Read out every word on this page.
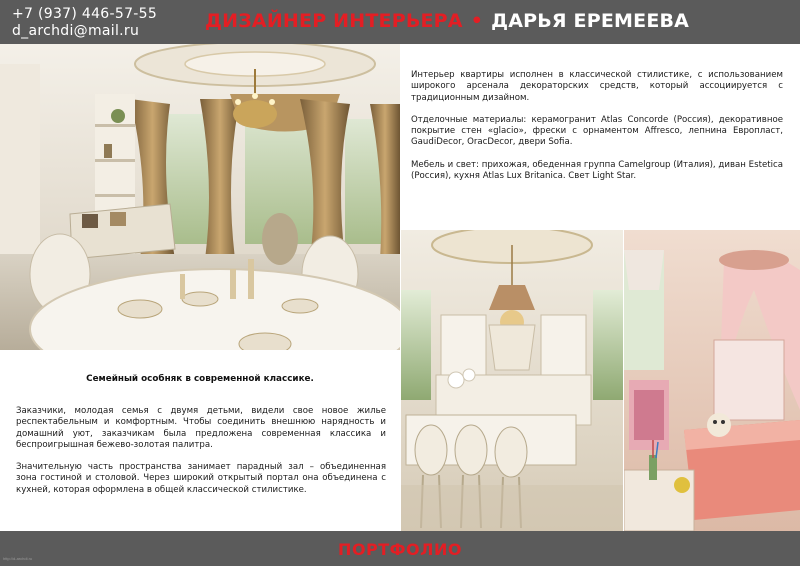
+7 (937) 446-57-55
d_archdi@mail.ru	ДИЗАЙНЕР ИНТЕРЬЕРА • ДАРЬЯ ЕРЕМЕЕВА

Интерьер квартиры исполнен в классической стилистике, с использованием широкого арсенала декораторских средств, который ассоциируется с традиционным дизайном.

Отделочные материалы: керамогранит Atlas Concorde (Россия), декоративное покрытие стен «glacio», фрески с орнаментом Affresco, лепнина Европласт, GaudiDecor, OracDecor, двери Sofia.

Мебель и свет: прихожая, обеденная группа Camelgroup (Италия), диван Estetica (Россия), кухня Atlas Lux Britanica. Свет Light Star.

Семейный особняк в современной классике.

Заказчики, молодая семья с двумя детьми, видели свое новое жилье респектабельным и комфортным. Чтобы соединить внешнюю нарядность и домашний уют, заказчикам была предложена современная классика и беспроигрышная бежево-золотая палитра.

Значительную часть пространства занимает парадный зал – объединенная зона гостиной и столовой. Через широкий открытый портал она объединена с кухней, которая оформлена в общей классической стилистике.

ПОРТФОЛИО
http://d-archdi.ru
